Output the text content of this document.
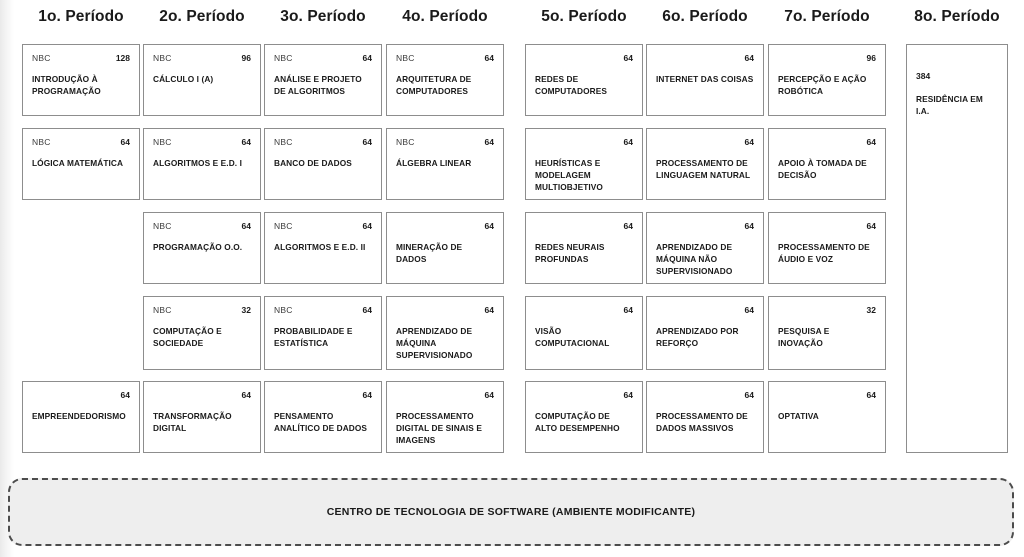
1o. Período	2o. Período	3o. Período	4o. Período	5o. Período	6o. Período	7o. Período	8o. Período
NBC	128
INTRODUÇÃO À PROGRAMAÇÃO
NBC	64
LÓGICA MATEMÁTICA
64
EMPREENDEDORISMO
NBC	96
CÁLCULO I (A)
NBC	64
ALGORITMOS E E.D. I
NBC	64
PROGRAMAÇÃO O.O.
NBC	32
COMPUTAÇÃO E SOCIEDADE
64
TRANSFORMAÇÃO DIGITAL
NBC	64
ANÁLISE E PROJETO DE ALGORITMOS
NBC	64
BANCO DE DADOS
NBC	64
ALGORITMOS E E.D. II
NBC	64
PROBABILIDADE E ESTATÍSTICA
64
PENSAMENTO ANALÍTICO DE DADOS
NBC	64
ARQUITETURA DE COMPUTADORES
NBC	64
ÁLGEBRA LINEAR
64
MINERAÇÃO DE DADOS
64
APRENDIZADO DE MÁQUINA SUPERVISIONADO
64
PROCESSAMENTO DIGITAL DE SINAIS E IMAGENS
64
REDES DE COMPUTADORES
64
HEURÍSTICAS E MODELAGEM MULTIOBJETIVO
64
REDES NEURAIS PROFUNDAS
64
VISÃO COMPUTACIONAL
64
COMPUTAÇÃO DE ALTO DESEMPENHO
64
INTERNET DAS COISAS
64
PROCESSAMENTO DE LINGUAGEM NATURAL
64
APRENDIZADO DE MÁQUINA NÃO SUPERVISIONADO
64
APRENDIZADO POR REFORÇO
64
PROCESSAMENTO DE DADOS MASSIVOS
96
PERCEPÇÃO E AÇÃO ROBÓTICA
64
APOIO À TOMADA DE DECISÃO
64
PROCESSAMENTO DE ÁUDIO E VOZ
32
PESQUISA E INOVAÇÃO
64
OPTATIVA
384
RESIDÊNCIA EM I.A.
CENTRO DE TECNOLOGIA DE SOFTWARE (AMBIENTE MODIFICANTE)
